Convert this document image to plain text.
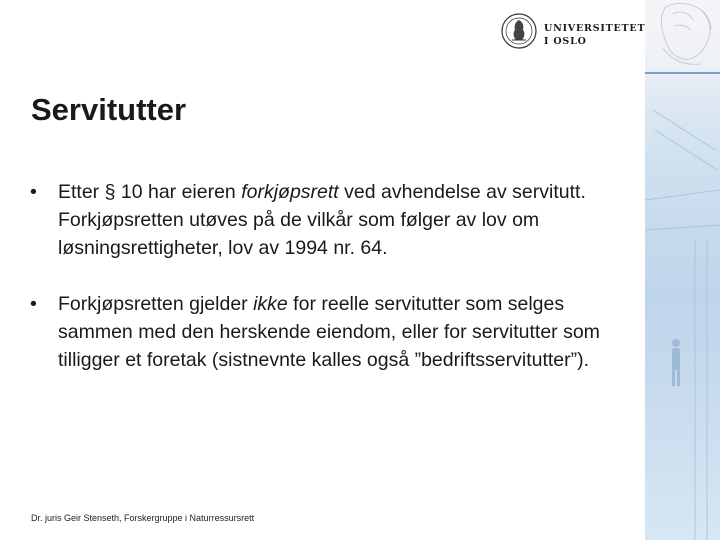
UNIVERSITETET
I OSLO
Servitutter
• Etter § 10 har eieren forkjøpsrett ved avhendelse av servitutt. Forkjøpsretten utøves på de vilkår som følger av lov om løsningsrettigheter, lov av 1994 nr. 64.
• Forkjøpsretten gjelder ikke for reelle servitutter som selges sammen med den herskende eiendom, eller for servitutter som tilligger et foretak (sistnevnte kalles også ”bedriftsservitutter”).
Dr. juris Geir Stenseth, Forskergruppe i Naturressursrett
